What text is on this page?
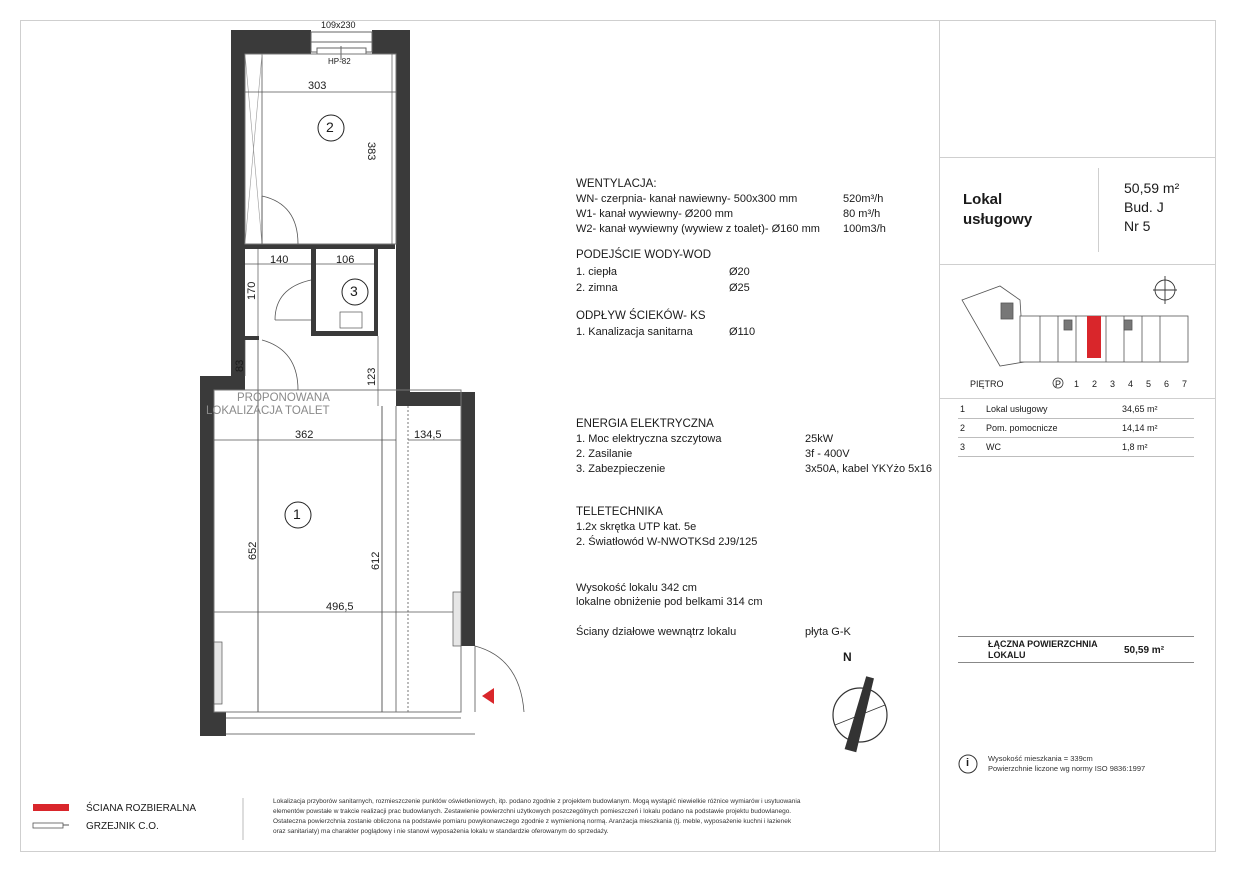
109x230
HP-82
303
383
140	106
170
83
123
362	134,5
652
612
496,5
2
3
1
PROPONOWANA
LOKALIZACJA TOALET
N
WENTYLACJA:
WN- czerpnia- kanał nawiewny- 500x300 mm	520m³/h
W1- kanał wywiewny- Ø200 mm	80 m³/h
W2- kanał wywiewny (wywiew z toalet)- Ø160 mm 100m3/h
PODEJŚCIE WODY-WOD
1. ciepła	Ø20
2. zimna	Ø25
ODPŁYW ŚCIEKÓW- KS
1. Kanalizacja sanitarna	Ø110
ENERGIA ELEKTRYCZNA
1. Moc elektryczna szczytowa	25kW
2. Zasilanie	3f - 400V
3. Zabezpieczenie	3x50A, kabel YKYżo 5x16
TELETECHNIKA
1.2x skrętka UTP kat. 5e
2. Światłowód W-NWOTKSd 2J9/125
Wysokość lokalu 342 cm
lokalne obniżenie pod belkami 314 cm
Ściany działowe wewnątrz lokalu	płyta G-K
Lokal
usługowy
50,59 m²
Bud. J
Nr 5
PIĘTRO	P 1 2 3 4 5 6 7
1	Lokal usługowy	34,65 m²
2	Pom. pomocnicze	14,14 m²
3	WC	1,8 m²
ŁĄCZNA POWIERZCHNIA
LOKALU	50,59 m²
i	Wysokość mieszkania = 339cm
Powierzchnie liczone wg normy ISO 9836:1997
ŚCIANA ROZBIERALNA
GRZEJNIK C.O.
Lokalizacja przyborów sanitarnych, rozmieszczenie punktów oświetleniowych, itp. podano zgodnie z projektem budowlanym. Mogą wystąpić niewielkie różnice wymiarów i usytuowania
elementów powstałe w trakcie realizacji prac budowlanych. Zestawienie powierzchni użytkowych poszczególnych pomieszczeń i lokalu podano na podstawie projektu budowlanego.
Ostateczna powierzchnia zostanie obliczona na podstawie pomiaru powykonawczego zgodnie z wymienioną normą. Aranżacja mieszkania (tj. meble, wyposażenie kuchni i łazienek
oraz sanitariaty) ma charakter poglądowy i nie stanowi wyposażenia lokalu w standardzie oferowanym do sprzedaży.
